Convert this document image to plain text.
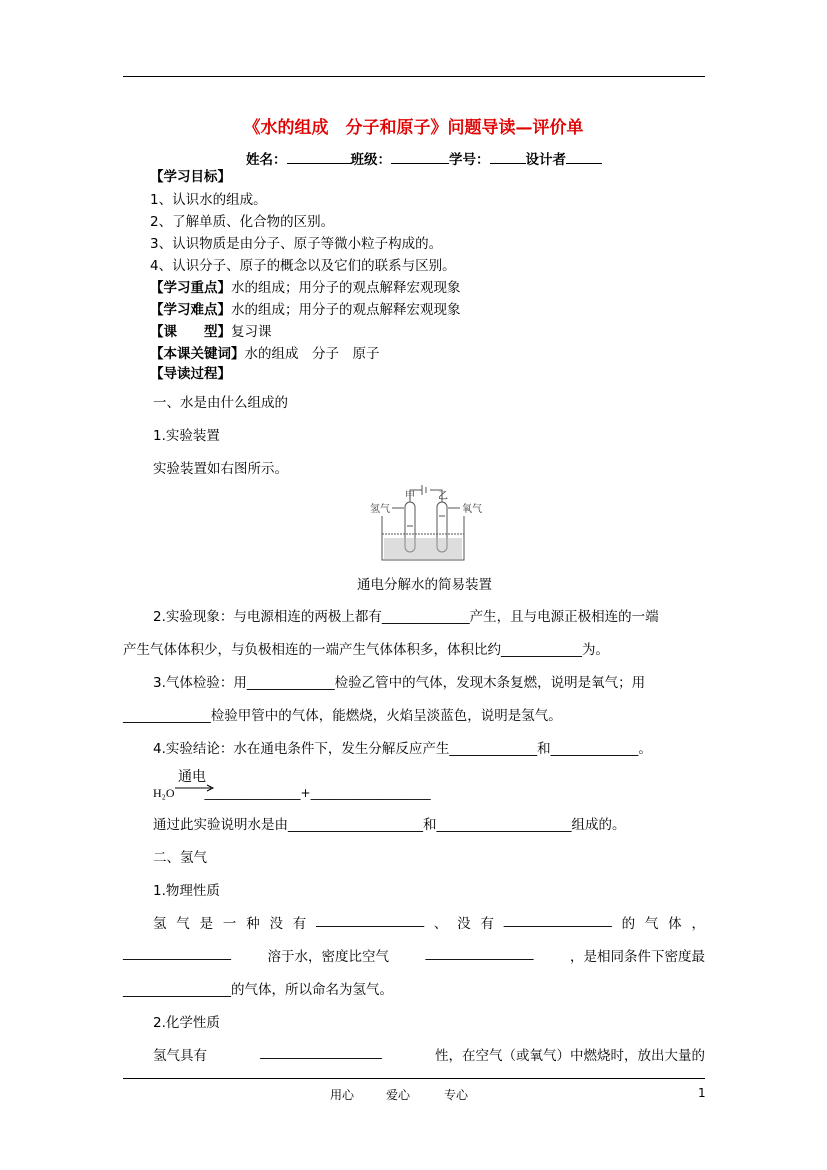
《水的组成　分子和原子》问题导读—评价单
姓名：	班级：	学号：	设计者
【学习目标】
1、认识水的组成。
2、了解单质、化合物的区别。
3、认识物质是由分子、原子等微小粒子构成的。
4、认识分子、原子的概念以及它们的联系与区别。
【学习重点】水的组成；用分子的观点解释宏观现象
【学习难点】水的组成；用分子的观点解释宏观现象
【课　　型】复习课
【本课关键词】水的组成　分子　原子
【导读过程】
一、水是由什么组成的
1.实验装置
实验装置如右图所示。
氢气	氧气
甲 乙
通电分解水的简易装置
2.实验现象：与电源相连的两极上都有_____________产生，且与电源正极相连的一端
产生气体体积少，与负极相连的一端产生气体体积多，体积比约____________为。
3.气体检验：用_____________检验乙管中的气体，发现木条复燃，说明是氧气；用
_____________检验甲管中的气体，能燃烧，火焰呈淡蓝色，说明是氢气。
4.实验结论：水在通电条件下，发生分解反应产生_____________和_____________。
通电
H₂O	________________+____________________
通过此实验说明水是由____________________和____________________组成的。
二、氢气
1.物理性质
氢 气 是 一 种 没 有 ________________ 、 没 有 ________________ 的 气 体 ，
________________	溶于水，密度比空气	________________	，是相同条件下密度最
________________的气体，所以命名为氢气。
2.化学性质
氢气具有	__________________	性，在空气（或氧气）中燃烧时，放出大量的
用心	爱心	专心	1
